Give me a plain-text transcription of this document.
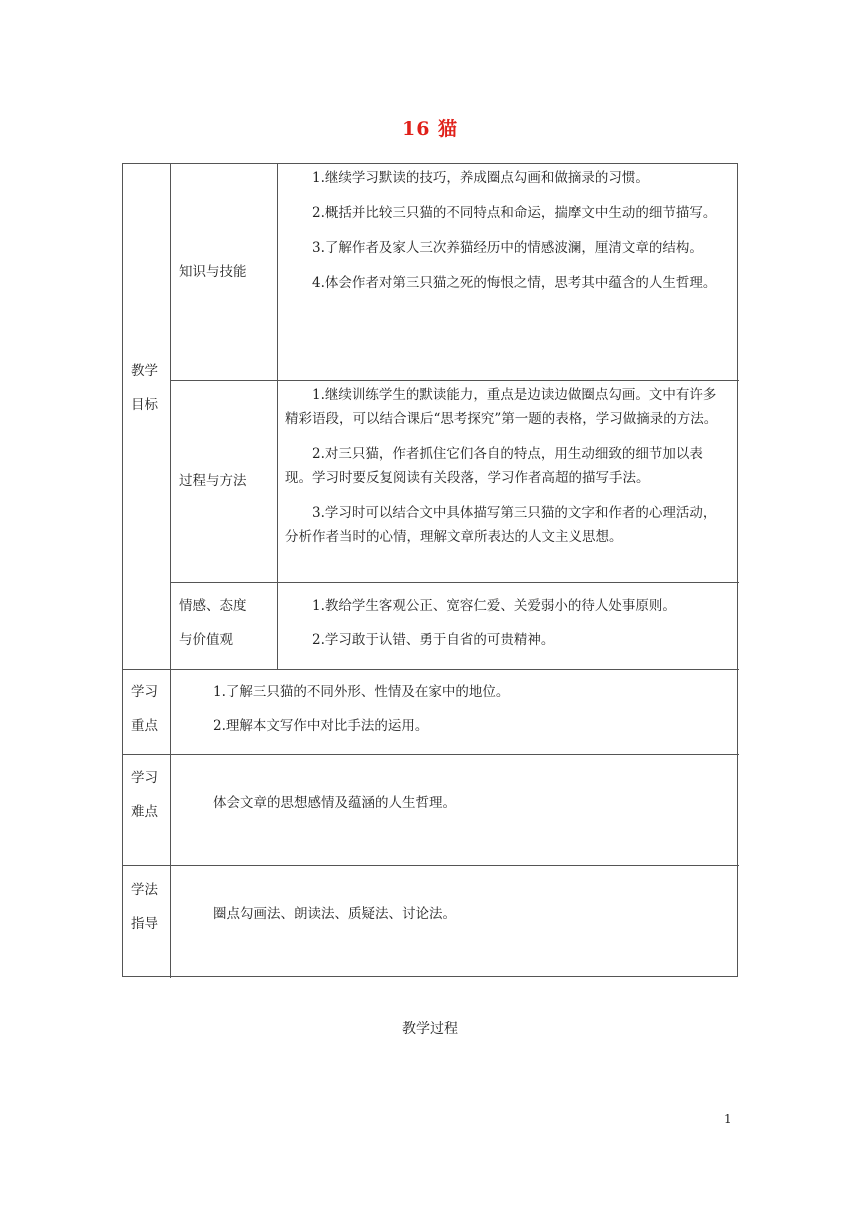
16 猫
教学
目标
知识与技能

1.继续学习默读的技巧，养成圈点勾画和做摘录的习惯。

2.概括并比较三只猫的不同特点和命运，揣摩文中生动的细节描写。

3.了解作者及家人三次养猫经历中的情感波澜，厘清文章的结构。

4.体会作者对第三只猫之死的悔恨之情，思考其中蕴含的人生哲理。

过程与方法

1.继续训练学生的默读能力，重点是边读边做圈点勾画。文中有许多精彩语段，可以结合课后“思考探究”第一题的表格，学习做摘录的方法。

2.对三只猫，作者抓住它们各自的特点，用生动细致的细节加以表现。学习时要反复阅读有关段落，学习作者高超的描写手法。

3.学习时可以结合文中具体描写第三只猫的文字和作者的心理活动，分析作者当时的心情，理解文章所表达的人文主义思想。

情感、态度
与价值观

1.教给学生客观公正、宽容仁爱、关爱弱小的待人处事原则。

2.学习敢于认错、勇于自省的可贵精神。

学习
重点
1.了解三只猫的不同外形、性情及在家中的地位。
2.理解本文写作中对比手法的运用。
学习
难点
体会文章的思想感情及蕴涵的人生哲理。
学法
指导
圈点勾画法、朗读法、质疑法、讨论法。
教学过程
1
